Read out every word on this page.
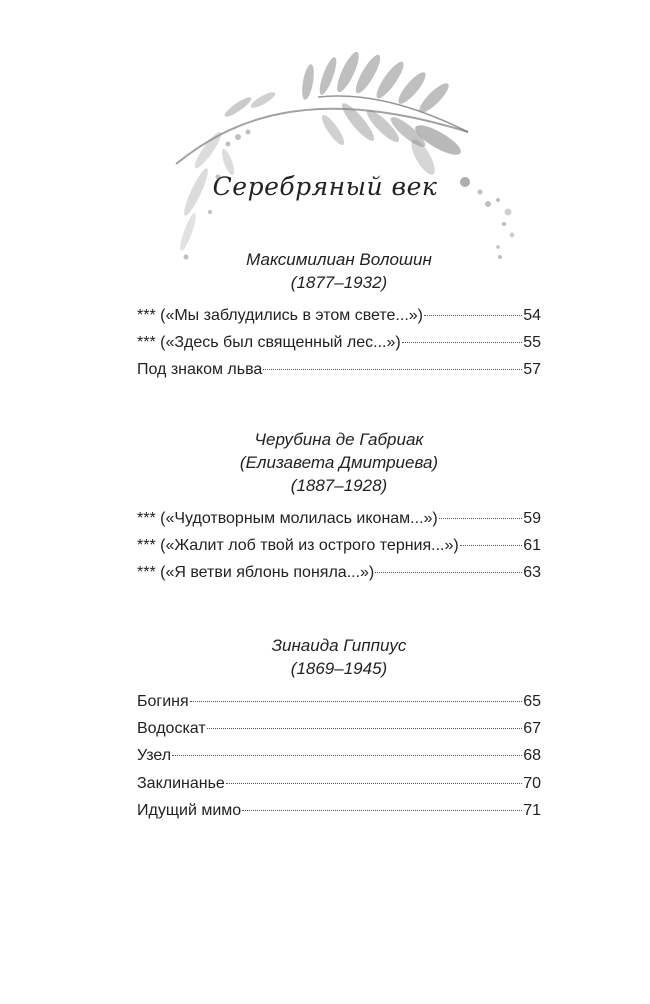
Серебряный век
Максимилиан Волошин
(1877–1932)
*** («Мы заблудились в этом свете...»)	54
*** («Здесь был священный лес...»)	55
Под знаком льва	57
Черубина де Габриак
(Елизавета Дмитриева)
(1887–1928)
*** («Чудотворным молилась иконам...»)	59
*** («Жалит лоб твой из острого терния...»)	61
*** («Я ветви яблонь поняла...»)	63
Зинаида Гиппиус
(1869–1945)
Богиня	65
Водоскат	67
Узел	68
Заклинанье	70
Идущий мимо	71
